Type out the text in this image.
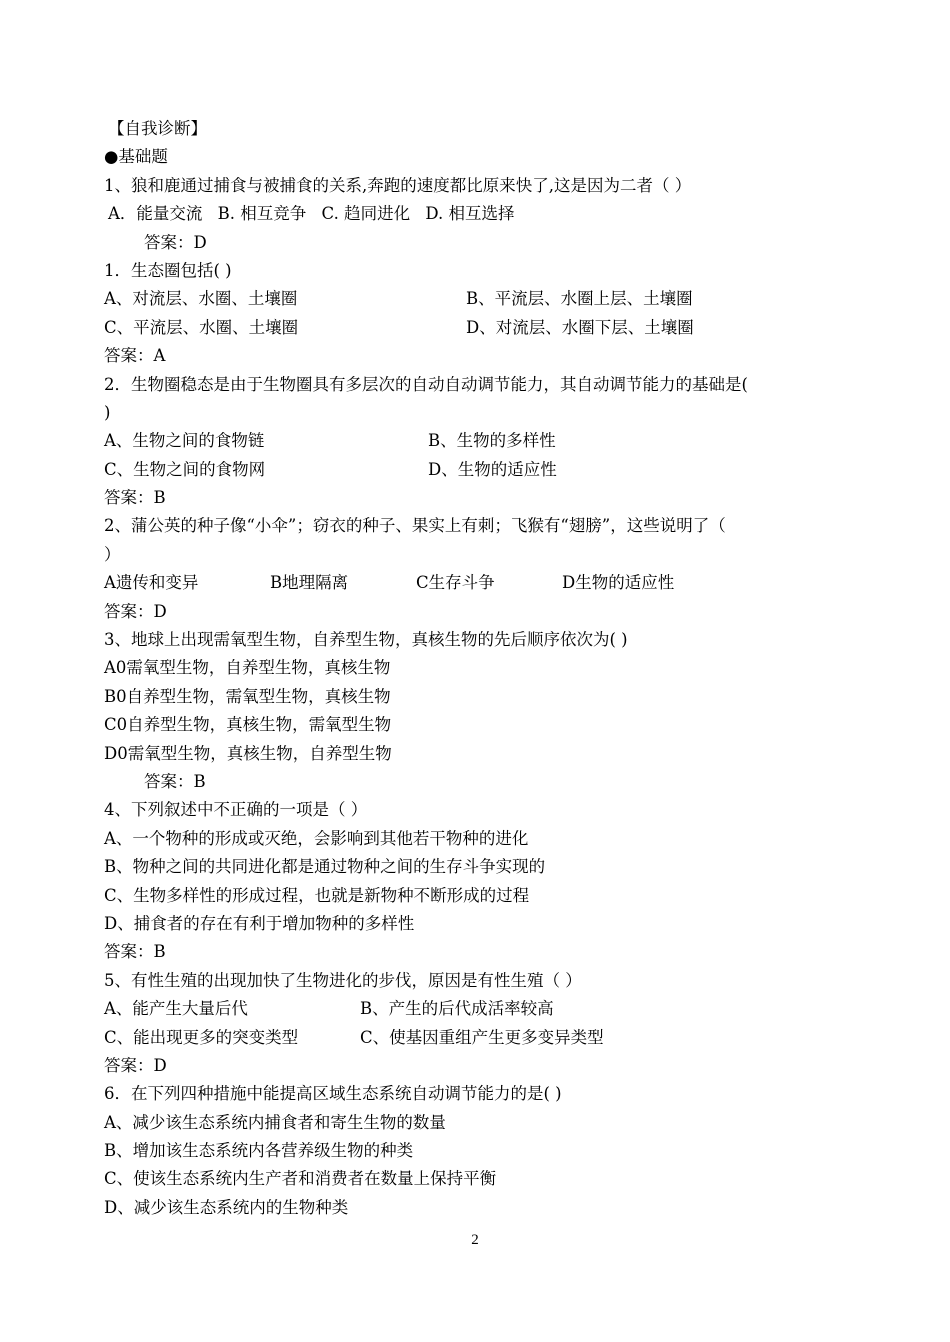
【自我诊断】
●基础题
1、狼和鹿通过捕食与被捕食的关系,奔跑的速度都比原来快了,这是因为二者（ ）
A．能量交流 B. 相互竞争 C. 趋同进化 D. 相互选择
答案：D
1．生态圈包括( )
A、对流层、水圈、土壤圈	B、平流层、水圈上层、土壤圈
C、平流层、水圈、土壤圈	D、对流层、水圈下层、土壤圈
答案：A
2．生物圈稳态是由于生物圈具有多层次的自动自动调节能力，其自动调节能力的基础是(
)
A、生物之间的食物链	B、生物的多样性
C、生物之间的食物网	D、生物的适应性
答案：B
2、蒲公英的种子像“小伞”；窃衣的种子、果实上有刺；飞猴有“翅膀”，这些说明了（
）
A遗传和变异	B地理隔离	C生存斗争	D生物的适应性
答案：D
3、地球上出现需氧型生物，自养型生物，真核生物的先后顺序依次为( )
A0需氧型生物，自养型生物，真核生物
B0自养型生物，需氧型生物，真核生物
C0自养型生物，真核生物，需氧型生物
D0需氧型生物，真核生物，自养型生物
答案：B
4、下列叙述中不正确的一项是（ ）
A、一个物种的形成或灭绝，会影响到其他若干物种的进化
B、物种之间的共同进化都是通过物种之间的生存斗争实现的
C、生物多样性的形成过程，也就是新物种不断形成的过程
D、捕食者的存在有利于增加物种的多样性
答案：B
5、有性生殖的出现加快了生物进化的步伐，原因是有性生殖（ ）
A、能产生大量后代	B、产生的后代成活率较高
C、能出现更多的突变类型	C、使基因重组产生更多变异类型
答案：D
6．在下列四种措施中能提高区域生态系统自动调节能力的是( )
A、减少该生态系统内捕食者和寄生生物的数量
B、增加该生态系统内各营养级生物的种类
C、使该生态系统内生产者和消费者在数量上保持平衡
D、减少该生态系统内的生物种类
2
